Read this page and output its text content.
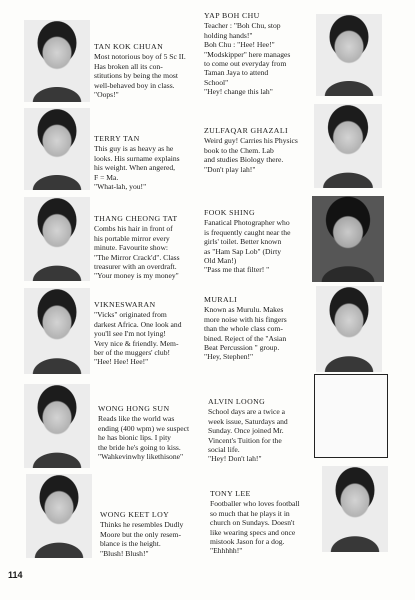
TAN KOK CHUAN
Most notorious boy of 5 Sc II.
Has broken all its con-
stitutions by being the most
well-behaved boy in class.
"Oops!"
YAP BOH CHU
Teacher : "Boh Chu, stop
holding hands!"
Boh Chu : "Hee! Hee!"
"Modskipper" here manages
to come out everyday from
Taman Jaya to attend
School"
"Hey! change this lah"
TERRY TAN
This guy is as heavy as he
looks. His surname explains
his weight. When angered,
F = Ma.
"What-lah, you!"
ZULFAQAR GHAZALI
Weird guy! Carries his Physics
book to the Chem. Lab
and studies Biology there.
"Don't play lah!"
THANG CHEONG TAT
Combs his hair in front of
his portable mirror every
minute. Favourite show:
"The Mirror Crack'd". Class
treasurer with an overdraft.
"Your money is my money"
FOOK SHING
Fanatical Photographer who
is frequently caught near the
girls' toilet. Better known
as "Ham Sap Lob" (Dirty
Old Man!)
"Pass me that filter! "
VIKNESWARAN
"Vicks" originated from
darkest Africa. One look and
you'll see I'm not lying!
Very nice & friendly. Mem-
ber of the muggers' club!
"Hee! Hee! Hee!"
MURALI
Known as Murulu. Makes
more noise with his fingers
than the whole class com-
bined. Reject of the "Asian
Beat Percussion " group.
"Hey, Stephen!"
WONG HONG SUN
Reads like the world was
ending (400 wpm) we suspect
he has bionic lips. I pity
the bride he's going to kiss.
"Wahkevinwhy likethisone"
ALVIN LOONG
School days are a twice a
week issue, Saturdays and
Sunday. Once joined Mr.
Vincent's Tuition for the
social life.
"Hey! Don't lah!"
WONG KEET LOY
Thinks he resembles Dudly
Moore but the only resem-
blance is the height.
"Blush! Blush!"
TONY LEE
Footballer who loves football
so much that he plays it in
church on Sundays. Doesn't
like wearing specs and once
mistook Jason for a dog.
"Ehhhhh!"
114
